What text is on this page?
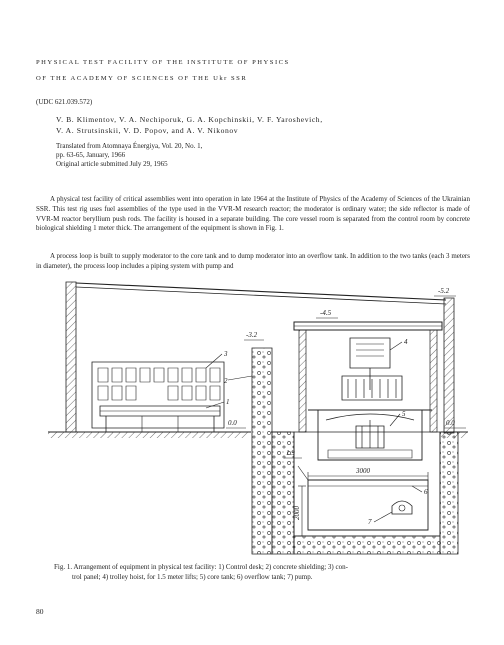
PHYSICAL TEST FACILITY OF THE INSTITUTE OF PHYSICS
OF THE ACADEMY OF SCIENCES OF THE Ukr SSR
(UDC 621.039.572)
V. B. Klimentov, V. A. Nechiporuk, G. A. Kopchinskii, V. F. Yaroshevich,
V. A. Strutsinskii, V. D. Popov, and A. V. Nikonov
Translated from Atomnaya Énergiya, Vol. 20, No. 1,
pp. 63-65, January, 1966
Original article submitted July 29, 1965
A physical test facility of critical assemblies went into operation in late 1964 at the Institute of Physics of the Academy of Sciences of the Ukrainian SSR. This test rig uses fuel assemblies of the type used in the VVR-M research reactor; the moderator is ordinary water; the side reflector is made of VVR-M reactor beryllium push rods. The facility is housed in a separate building. The core vessel room is separated from the control room by concrete biological shielding 1 meter thick. The arrangement of the equipment is shown in Fig. 1.
A process loop is built to supply moderator to the core tank and to dump moderator into an overflow tank. In addition to the two tanks (each 3 meters in diameter), the process loop includes a piping system with pump and
3
2
1
4
5
6
7
-5.2
-4.5
-3.2
0.0	0.0
1.9
3000
2000
Fig. 1. Arrangement of equipment in physical test facility: 1) Control desk; 2) concrete shielding; 3) con-
trol panel; 4) trolley hoist, for 1.5 meter lifts; 5) core tank; 6) overflow tank; 7) pump.
80
